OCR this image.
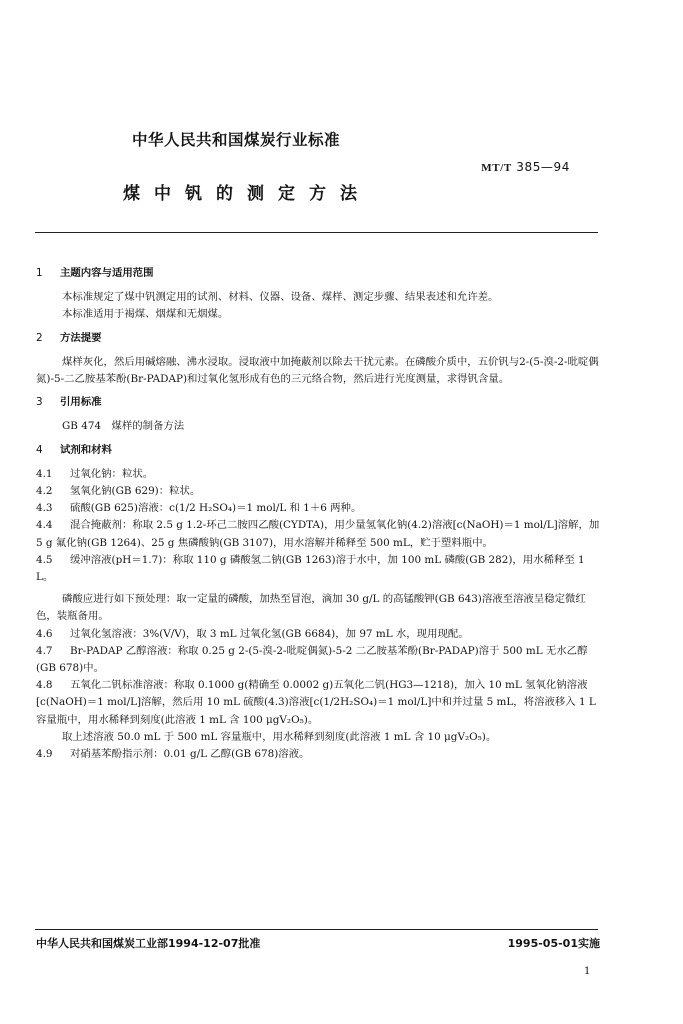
中华人民共和国煤炭行业标准
MT/T 385—94
煤中钒的测定方法
1 主题内容与适用范围

本标准规定了煤中钒测定用的试剂、材料、仪器、设备、煤样、测定步骤、结果表述和允许差。

本标准适用于褐煤、烟煤和无烟煤。

2 方法提要

煤样灰化，然后用碱熔融、沸水浸取。浸取液中加掩蔽剂以除去干扰元素。在磷酸介质中，五价钒与2-(5-溴-2-吡啶偶氮)-5-二乙胺基苯酚(Br-PADAP)和过氧化氢形成有色的三元络合物，然后进行光度测量，求得钒含量。

3 引用标准

GB 474　煤样的制备方法

4 试剂和材料

4.1 过氧化钠：粒状。

4.2 氢氧化钠(GB 629)：粒状。

4.3 硫酸(GB 625)溶液：c(1/2 H₂SO₄)＝1 mol/L 和 1＋6 两种。

4.4 混合掩蔽剂：称取 2.5 g 1.2-环己二胺四乙酸(CYDTA)，用少量氢氧化钠(4.2)溶液[c(NaOH)＝1 mol/L]溶解，加 5 g 氟化钠(GB 1264)、25 g 焦磷酸钠(GB 3107)，用水溶解并稀释至 500 mL，贮于塑料瓶中。

4.5 缓冲溶液(pH＝1.7)：称取 110 g 磷酸氢二钠(GB 1263)溶于水中，加 100 mL 磷酸(GB 282)，用水稀释至 1 L。

磷酸应进行如下预处理：取一定量的磷酸，加热至冒泡，滴加 30 g/L 的高锰酸钾(GB 643)溶液至溶液呈稳定微红色，装瓶备用。

4.6 过氧化氢溶液：3%(V/V)，取 3 mL 过氧化氢(GB 6684)，加 97 mL 水，现用现配。

4.7 Br-PADAP 乙醇溶液：称取 0.25 g 2-(5-溴-2-吡啶偶氮)-5-2 二乙胺基苯酚(Br-PADAP)溶于 500 mL 无水乙醇(GB 678)中。

4.8 五氧化二钒标准溶液：称取 0.1000 g(精确至 0.0002 g)五氧化二钒(HG3—1218)，加入 10 mL 氢氧化钠溶液[c(NaOH)＝1 mol/L]溶解，然后用 10 mL 硫酸(4.3)溶液[c(1/2H₂SO₄)＝1 mol/L]中和并过量 5 mL，将溶液移入 1 L 容量瓶中，用水稀释到刻度(此溶液 1 mL 含 100 μgV₂O₅)。

取上述溶液 50.0 mL 于 500 mL 容量瓶中，用水稀释到刻度(此溶液 1 mL 含 10 μgV₂O₅)。

4.9 对硝基苯酚指示剂：0.01 g/L 乙醇(GB 678)溶液。

中华人民共和国煤炭工业部1994-12-07批准	1995-05-01实施
1
